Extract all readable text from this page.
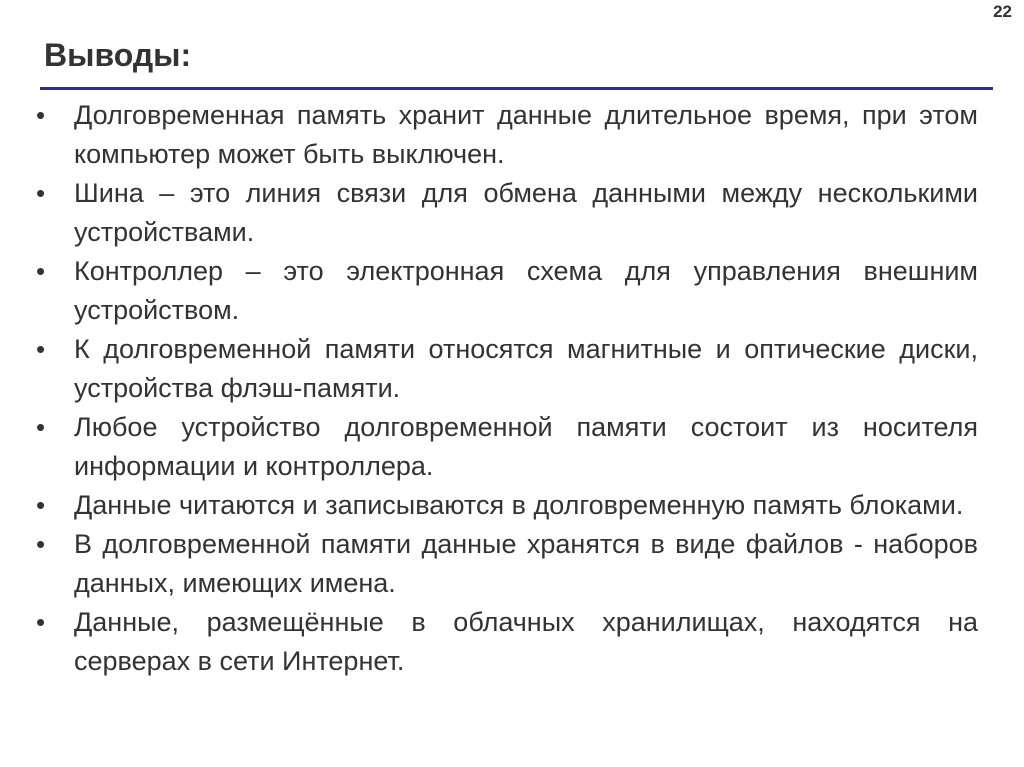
22
Выводы:
•	Долговременная память хранит данные длительное время, при этом компьютер может быть выключен.
•	Шина – это линия связи для обмена данными между несколькими устройствами.
•	Контроллер – это электронная схема для управления внешним устройством.
•	К долговременной памяти относятся магнитные и оптические диски, устройства флэш-памяти.
•	Любое устройство долговременной памяти состоит из носителя информации и контроллера.
•	Данные читаются и записываются в долговременную память блоками.
•	В долговременной памяти данные хранятся в виде файлов - наборов данных, имеющих имена.
•	Данные, размещённые в облачных хранилищах, находятся на серверах в сети Интернет.
